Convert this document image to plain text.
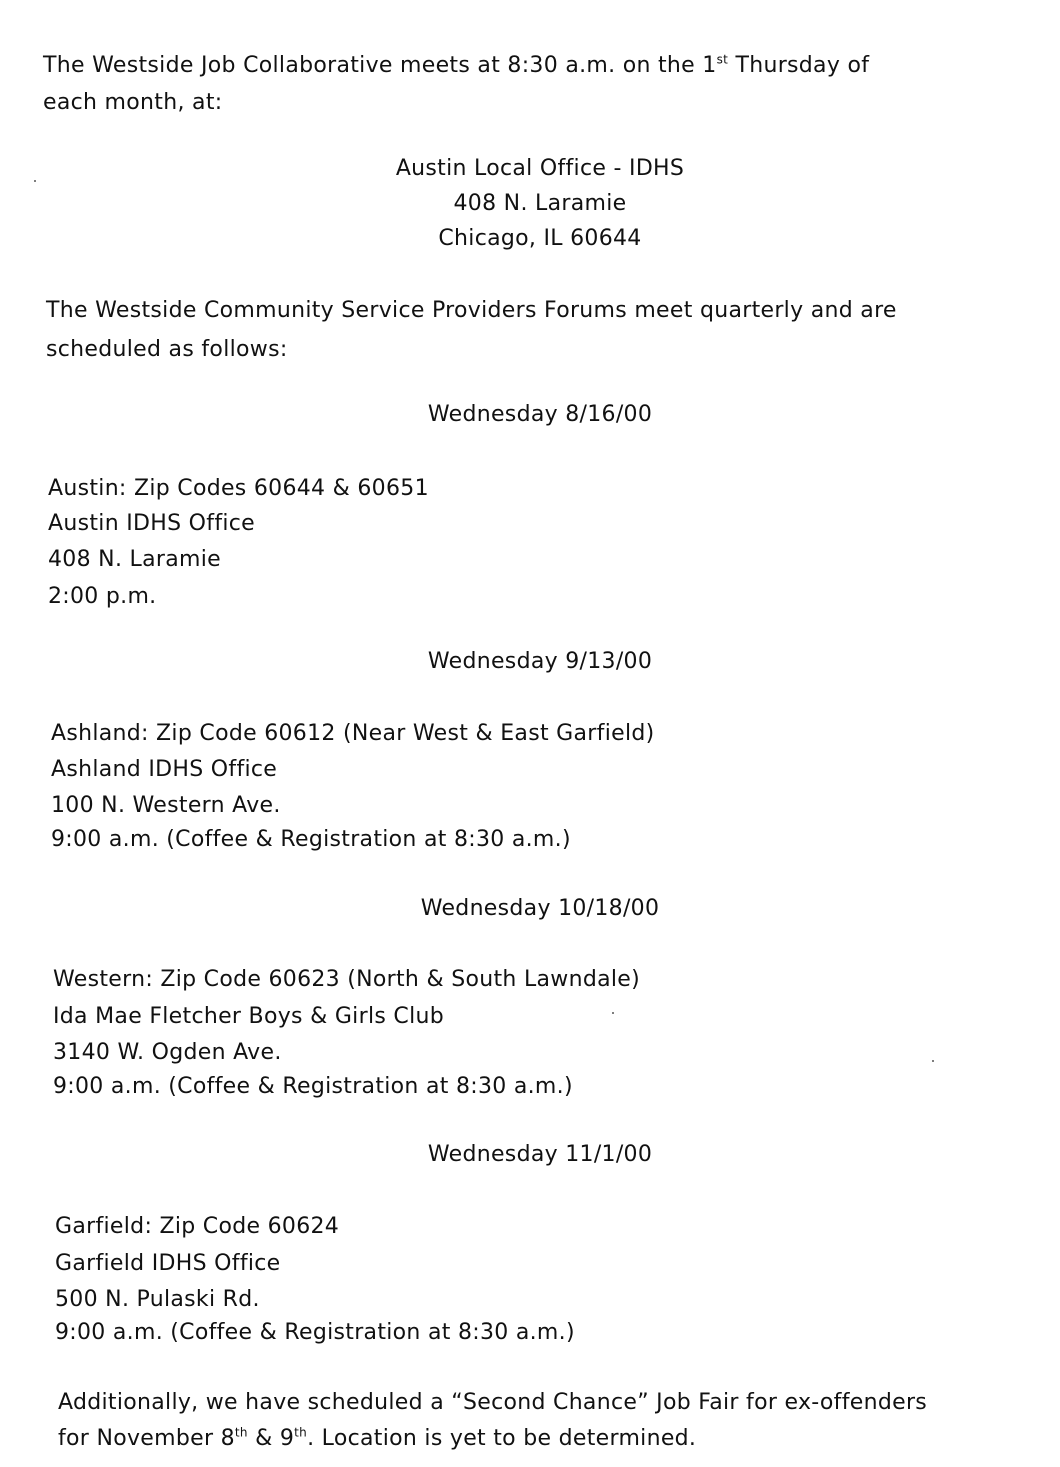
The Westside Job Collaborative meets at 8:30 a.m. on the 1st Thursday of
each month, at:
Austin Local Office - IDHS
408 N. Laramie
Chicago, IL 60644
The Westside Community Service Providers Forums meet quarterly and are
scheduled as follows:
Wednesday 8/16/00
Austin: Zip Codes 60644 & 60651
Austin IDHS Office
408 N. Laramie
2:00 p.m.
Wednesday 9/13/00
Ashland: Zip Code 60612 (Near West & East Garfield)
Ashland IDHS Office
100 N. Western Ave.
9:00 a.m. (Coffee & Registration at 8:30 a.m.)
Wednesday 10/18/00
Western: Zip Code 60623 (North & South Lawndale)
Ida Mae Fletcher Boys & Girls Club
3140 W. Ogden Ave.
9:00 a.m. (Coffee & Registration at 8:30 a.m.)
Wednesday 11/1/00
Garfield: Zip Code 60624
Garfield IDHS Office
500 N. Pulaski Rd.
9:00 a.m. (Coffee & Registration at 8:30 a.m.)
Additionally, we have scheduled a “Second Chance” Job Fair for ex-offenders
for November 8th & 9th. Location is yet to be determined.
